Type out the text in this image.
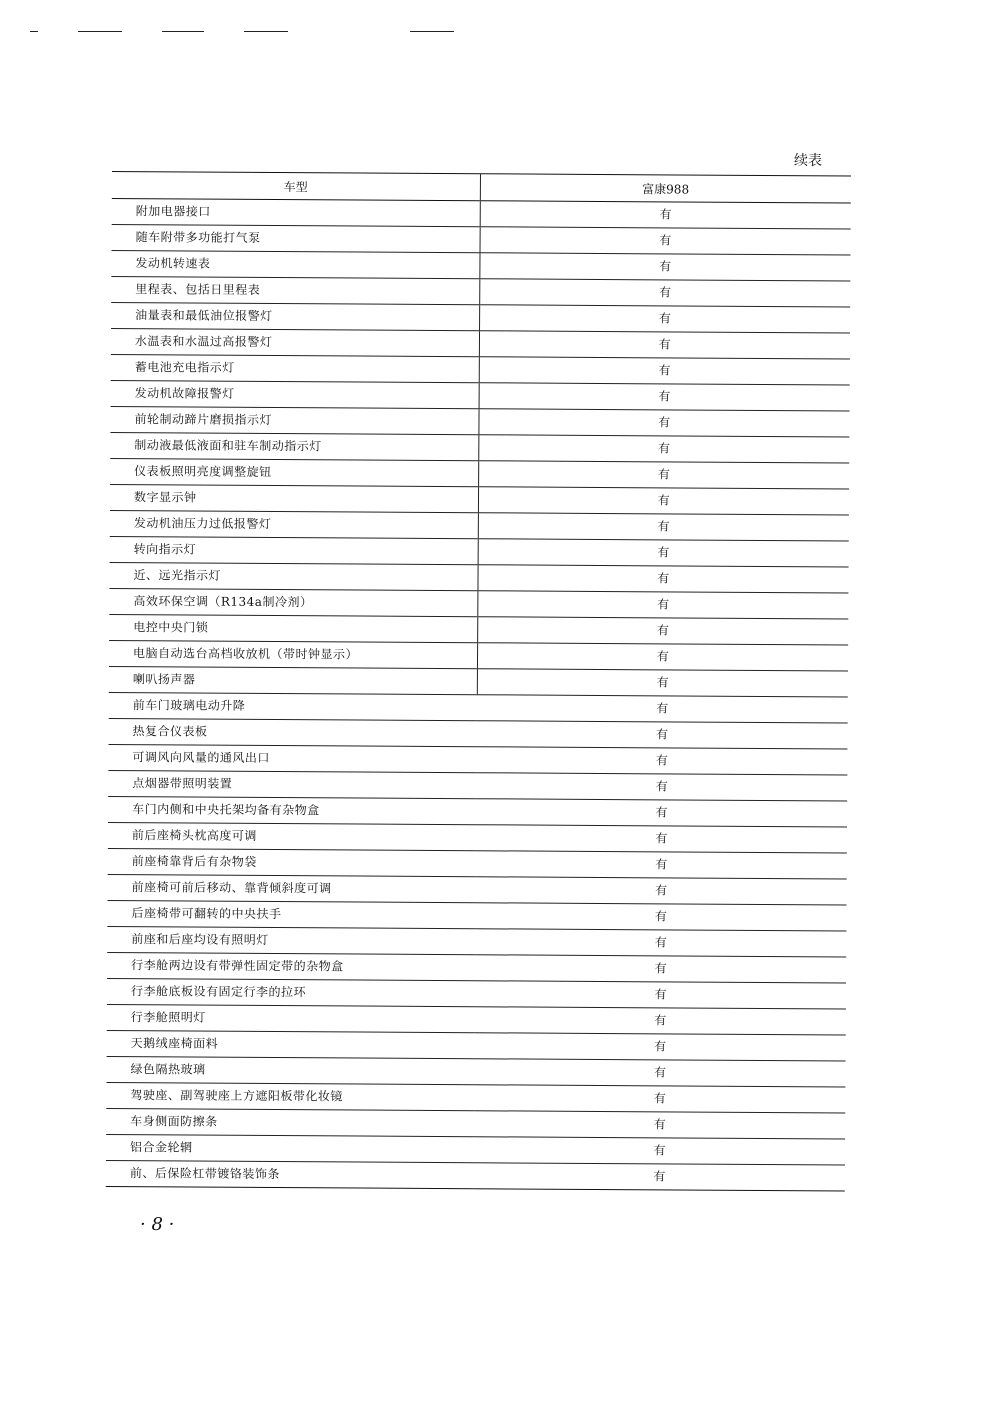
续表
车型	富康988
附加电器接口	有
随车附带多功能打气泵	有
发动机转速表	有
里程表、包括日里程表	有
油量表和最低油位报警灯	有
水温表和水温过高报警灯	有
蓄电池充电指示灯	有
发动机故障报警灯	有
前轮制动蹄片磨损指示灯	有
制动液最低液面和驻车制动指示灯	有
仪表板照明亮度调整旋钮	有
数字显示钟	有
发动机油压力过低报警灯	有
转向指示灯	有
近、远光指示灯	有
高效环保空调（R134a制冷剂）	有
电控中央门锁	有
电脑自动选台高档收放机（带时钟显示）	有
喇叭扬声器	有
前车门玻璃电动升降	有
热复合仪表板	有
可调风向风量的通风出口	有
点烟器带照明装置	有
车门内侧和中央托架均备有杂物盒	有
前后座椅头枕高度可调	有
前座椅靠背后有杂物袋	有
前座椅可前后移动、靠背倾斜度可调	有
后座椅带可翻转的中央扶手	有
前座和后座均设有照明灯	有
行李舱两边设有带弹性固定带的杂物盒	有
行李舱底板设有固定行李的拉环	有
行李舱照明灯	有
天鹅绒座椅面料	有
绿色隔热玻璃	有
驾驶座、副驾驶座上方遮阳板带化妆镜	有
车身侧面防擦条	有
铝合金轮辋	有
前、后保险杠带镀铬装饰条	有
· 8 ·
